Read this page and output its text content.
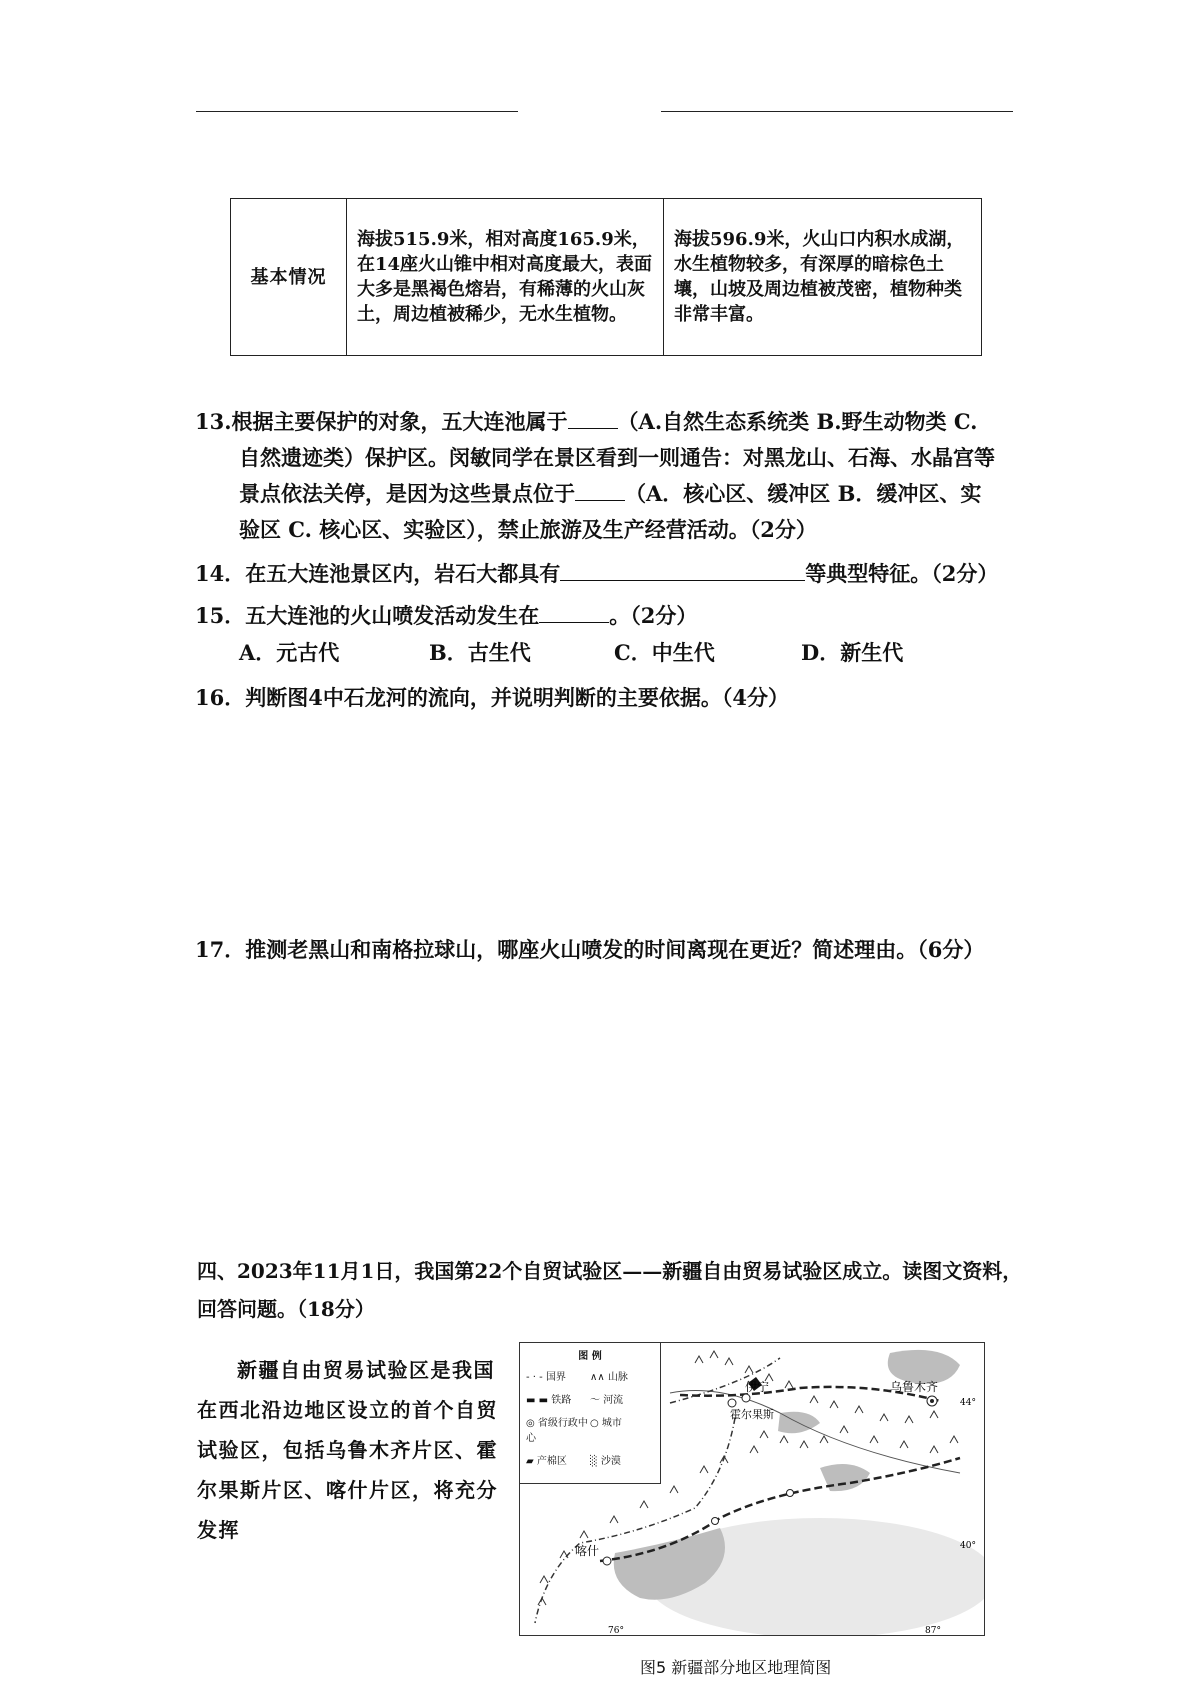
基本情况	海拔515.9米，相对高度165.9米，在14座火山锥中相对高度最大，表面大多是黑褐色熔岩，有稀薄的火山灰土，周边植被稀少，无水生植物。	海拔596.9米，火山口内积水成湖，水生植物较多，有深厚的暗棕色土壤，山坡及周边植被茂密，植物种类非常丰富。
13.根据主要保护的对象，五大连池属于 （A.自然生态系统类 B.野生动物类 C.
自然遗迹类）保护区。闵敏同学在景区看到一则通告：对黑龙山、石海、水晶宫等
景点依法关停，是因为这些景点位于 （A．核心区、缓冲区 B．缓冲区、实
验区 C. 核心区、实验区），禁止旅游及生产经营活动。（2分）
14．在五大连池景区内，岩石大都具有	等典型特征。（2分）
15．五大连池的火山喷发活动发生在	。（2分）
A．元古代	B．古生代	C．中生代	D．新生代
16．判断图4中石龙河的流向，并说明判断的主要依据。（4分）
17．推测老黑山和南格拉球山，哪座火山喷发的时间离现在更近？简述理由。（6分）
四、2023年11月1日，我国第22个自贸试验区——新疆自由贸易试验区成立。读图文资料，回答问题。（18分）
新疆自由贸易试验区是我国在西北沿边地区设立的首个自贸试验区，包括乌鲁木齐片区、霍尔果斯片区、喀什片区，将充分发挥
伊宁
霍尔果斯
乌鲁木齐
喀什
44°
40°
76°	87°
图 例
- · - 国界	∧∧ 山脉
▬ ▬ 铁路	〜 河流
◎ 省级行政中心
○ 城市
▰ 产棉区	░ 沙漠
图5 新疆部分地区地理简图
